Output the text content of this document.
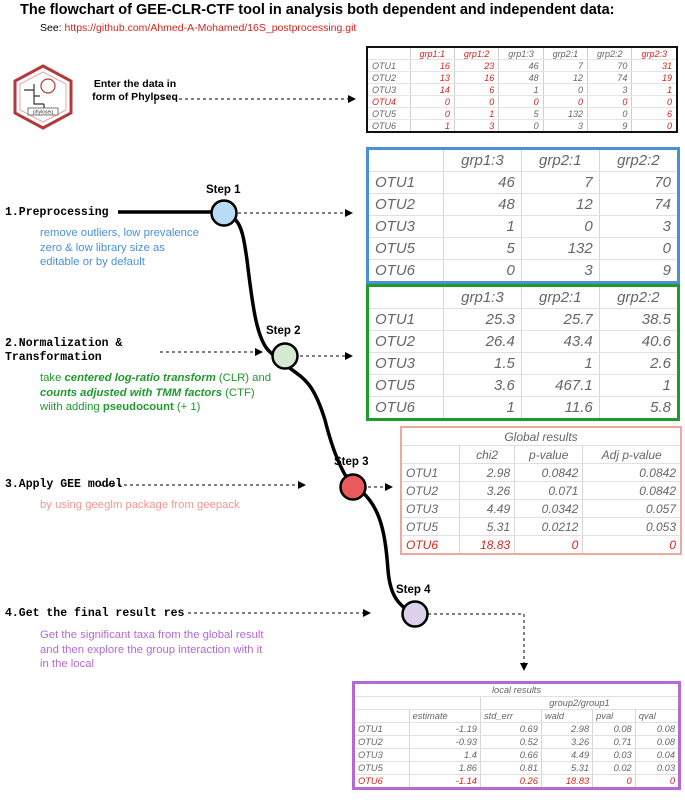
The flowchart of GEE-CLR-CTF tool in analysis both dependent and independent data:
See: https://github.com/Ahmed-A-Mohamed/16S_postprocessing.git
phyloseq
Enter the data in form of Phyloseq
Step 1
Step 2
Step 3
Step 4
1.Preprocessing
remove outliers, low prevalence zero & low library size as editable or by default
2.Normalization &
Transformation
take centered log-ratio transform (CLR) and counts adjusted with TMM factors (CTF) wiith adding pseudocount (+ 1)
3.Apply GEE model
by using geeglm package from geepack
4.Get the final result res
Get the significant taxa from the global result and then explore the group interaction with it in the local
	grp1:1	grp1:2	grp1:3	grp2:1	grp2:2	grp2:3
OTU1	16	23	46	7	70	31
OTU2	13	16	48	12	74	19
OTU3	14	6	1	0	3	1
OTU4	0	0	0	0	0	0
OTU5	0	1	5	132	0	6
OTU6	1	3	0	3	9	0
	grp1:3	grp2:1	grp2:2
OTU1	46	7	70
OTU2	48	12	74
OTU3	1	0	3
OTU5	5	132	0
OTU6	0	3	9
	grp1:3	grp2:1	grp2:2
OTU1	25.3	25.7	38.5
OTU2	26.4	43.4	40.6
OTU3	1.5	1	2.6
OTU5	3.6	467.1	1
OTU6	1	11.6	5.8
Global results			
	chi2	p-value	Adj p-value
OTU1	2.98	0.0842	0.0842
OTU2	3.26	0.071	0.0842
OTU3	4.49	0.0342	0.057
OTU5	5.31	0.0212	0.053
OTU6	18.83	0	0
local results					
		group2/group1			
	estimate	std_err	wald	pval	qval
OTU1	-1.19	0.69	2.98	0.08	0.08
OTU2	-0.93	0.52	3.26	0.71	0.08
OTU3	1.4	0.66	4.49	0.03	0.04
OTU5	1.86	0.81	5.31	0.02	0.03
OTU6	-1.14	0.26	18.83	0	0
